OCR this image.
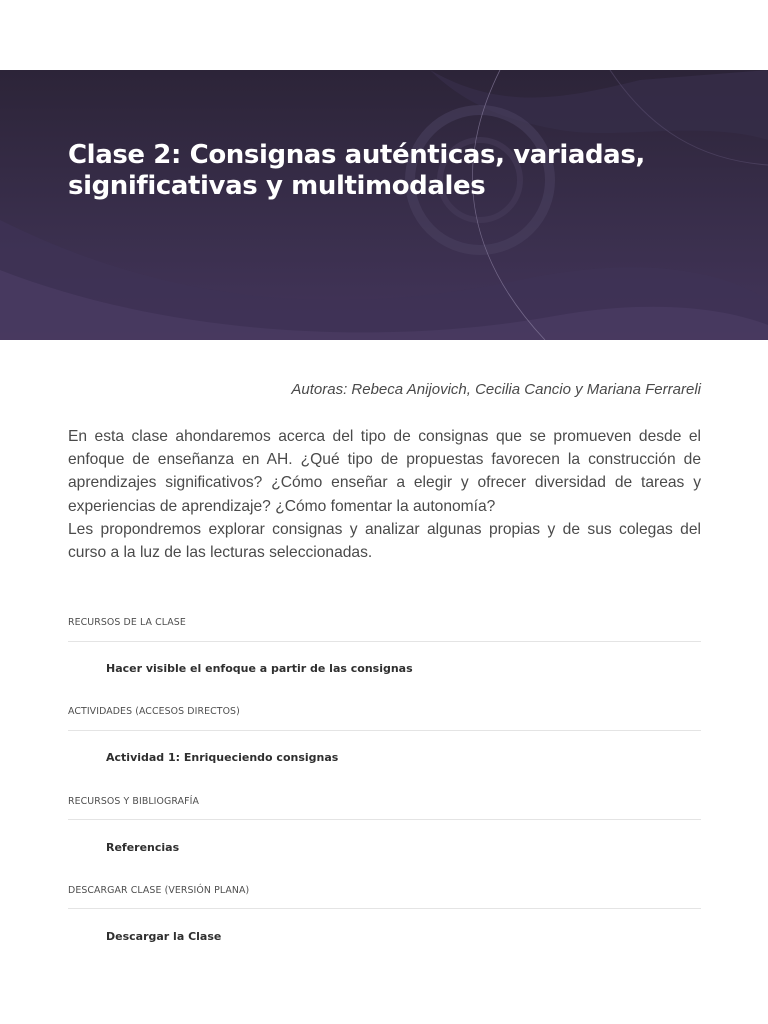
Clase 2: Consignas auténticas, variadas, significativas y multimodales
Autoras: Rebeca Anijovich, Cecilia Cancio y Mariana Ferrareli

En esta clase ahondaremos acerca del tipo de consignas que se promueven desde el enfoque de enseñanza en AH. ¿Qué tipo de propuestas favorecen la construcción de aprendizajes significativos? ¿Cómo enseñar a elegir y ofrecer diversidad de tareas y experiencias de aprendizaje? ¿Cómo fomentar la autonomía?

Les propondremos explorar consignas y analizar algunas propias y de sus colegas del curso a la luz de las lecturas seleccionadas.

RECURSOS DE LA CLASE
Hacer visible el enfoque a partir de las consignas
ACTIVIDADES (ACCESOS DIRECTOS)
Actividad 1: Enriqueciendo consignas
RECURSOS Y BIBLIOGRAFÍA
Referencias
DESCARGAR CLASE (VERSIÓN PLANA)
Descargar la Clase
